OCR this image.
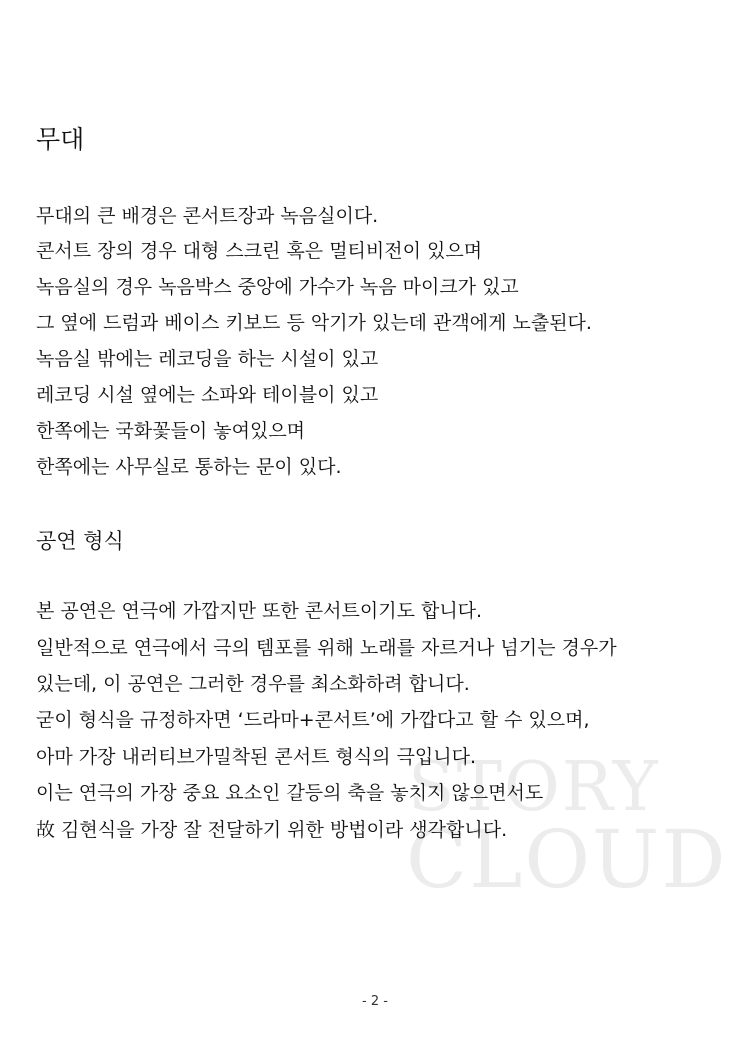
STORY
CLOUD
무대
무대의 큰 배경은 콘서트장과 녹음실이다.
콘서트 장의 경우 대형 스크린 혹은 멀티비전이 있으며
녹음실의 경우 녹음박스 중앙에 가수가 녹음 마이크가 있고
그 옆에 드럼과 베이스 키보드 등 악기가 있는데 관객에게 노출된다.
녹음실 밖에는 레코딩을 하는 시설이 있고
레코딩 시설 옆에는 소파와 테이블이 있고
한쪽에는 국화꽃들이 놓여있으며
한쪽에는 사무실로 통하는 문이 있다.
공연 형식
본 공연은 연극에 가깝지만 또한 콘서트이기도 합니다.
일반적으로 연극에서 극의 템포를 위해 노래를 자르거나 넘기는 경우가
있는데, 이 공연은 그러한 경우를 최소화하려 합니다.
굳이 형식을 규정하자면 ‘드라마+콘서트’에 가깝다고 할 수 있으며,
아마 가장 내러티브가밀착된 콘서트 형식의 극입니다.
이는 연극의 가장 중요 요소인 갈등의 축을 놓치지 않으면서도
故 김현식을 가장 잘 전달하기 위한 방법이라 생각합니다.
- 2 -
